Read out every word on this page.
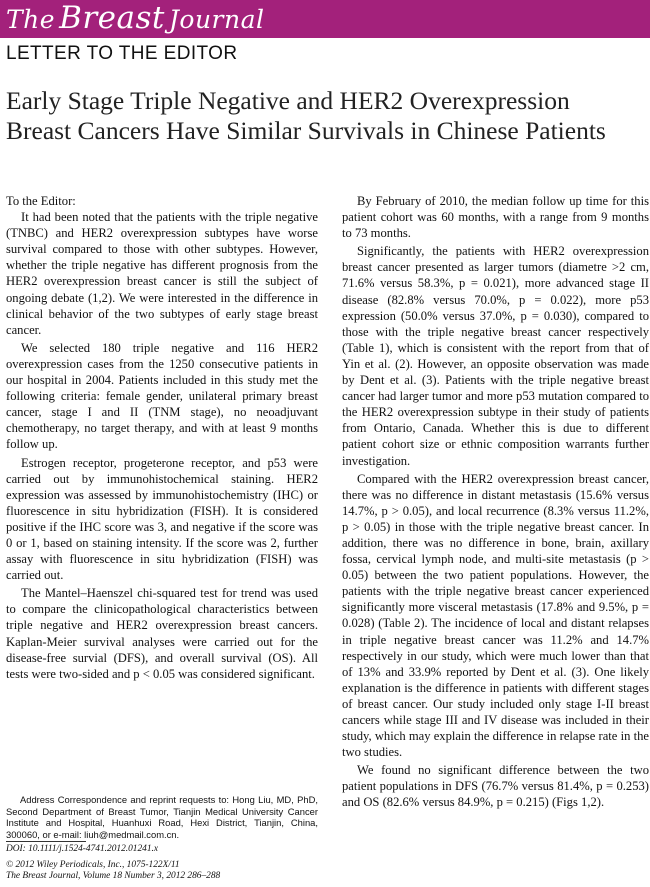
The Breast Journal
LETTER TO THE EDITOR
Early Stage Triple Negative and HER2 Overexpression
Breast Cancers Have Similar Survivals in Chinese Patients

To the Editor:

It had been noted that the patients with the triple negative (TNBC) and HER2 overexpression subtypes have worse survival compared to those with other subtypes. However, whether the triple negative has different prognosis from the HER2 overexpression breast cancer is still the subject of ongoing debate (1,2). We were interested in the difference in clinical behavior of the two subtypes of early stage breast cancer.

We selected 180 triple negative and 116 HER2 overexpression cases from the 1250 consecutive patients in our hospital in 2004. Patients included in this study met the following criteria: female gender, unilateral primary breast cancer, stage I and II (TNM stage), no neoadjuvant chemotherapy, no target therapy, and with at least 9 months follow up.

Estrogen receptor, progeterone receptor, and p53 were carried out by immunohistochemical staining. HER2 expression was assessed by immunohistochemistry (IHC) or fluorescence in situ hybridization (FISH). It is considered positive if the IHC score was 3, and negative if the score was 0 or 1, based on staining intensity. If the score was 2, further assay with fluorescence in situ hybridization (FISH) was carried out.

The Mantel–Haenszel chi-squared test for trend was used to compare the clinicopathological characteristics between triple negative and HER2 overexpression breast cancers. Kaplan-Meier survival analyses were carried out for the disease-free survial (DFS), and overall survival (OS). All tests were two-sided and p < 0.05 was considered significant.

Address Correspondence and reprint requests to: Hong Liu, MD, PhD, Second Department of Breast Tumor, Tianjin Medical University Cancer Institute and Hospital, Huanhuxi Road, Hexi District, Tianjin, China, 300060, or e-mail: liuh@medmail.com.cn.

DOI: 10.1111/j.1524-4741.2012.01241.x
© 2012 Wiley Periodicals, Inc., 1075-122X/11
The Breast Journal, Volume 18 Number 3, 2012 286–288

By February of 2010, the median follow up time for this patient cohort was 60 months, with a range from 9 months to 73 months.

Significantly, the patients with HER2 overexpression breast cancer presented as larger tumors (diametre >2 cm, 71.6% versus 58.3%, p = 0.021), more advanced stage II disease (82.8% versus 70.0%, p = 0.022), more p53 expression (50.0% versus 37.0%, p = 0.030), compared to those with the triple negative breast cancer respectively (Table 1), which is consistent with the report from that of Yin et al. (2). However, an opposite observation was made by Dent et al. (3). Patients with the triple negative breast cancer had larger tumor and more p53 mutation compared to the HER2 overexpression subtype in their study of patients from Ontario, Canada. Whether this is due to different patient cohort size or ethnic composition warrants further investigation.

Compared with the HER2 overexpression breast cancer, there was no difference in distant metastasis (15.6% versus 14.7%, p > 0.05), and local recurrence (8.3% versus 11.2%, p > 0.05) in those with the triple negative breast cancer. In addition, there was no difference in bone, brain, axillary fossa, cervical lymph node, and multi-site metastasis (p > 0.05) between the two patient populations. However, the patients with the triple negative breast cancer experienced significantly more visceral metastasis (17.8% and 9.5%, p = 0.028) (Table 2). The incidence of local and distant relapses in triple negative breast cancer was 11.2% and 14.7% respectively in our study, which were much lower than that of 13% and 33.9% reported by Dent et al. (3). One likely explanation is the difference in patients with different stages of breast cancer. Our study included only stage I-II breast cancers while stage III and IV disease was included in their study, which may explain the difference in relapse rate in the two studies.

We found no significant difference between the two patient populations in DFS (76.7% versus 81.4%, p = 0.253) and OS (82.6% versus 84.9%, p = 0.215) (Figs 1,2).
